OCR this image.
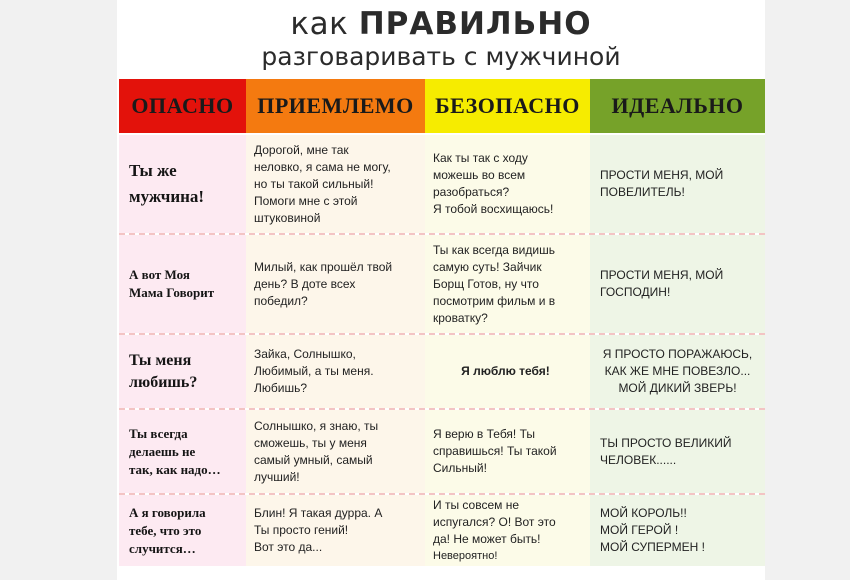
как ПРАВИЛЬНО
разговаривать с мужчиной
ОПАСНО	ПРИЕМЛЕМО БЕЗОПАСНО	ИДЕАЛЬНО
Ты же
мужчина!
Дорогой, мне так
неловко, я сама не могу,
но ты такой сильный!
Помоги мне с этой
штуковиной
Как ты так с ходу
можешь во всем
разобраться?
Я тобой восхищаюсь!
ПРОСТИ МЕНЯ, МОЙ
ПОВЕЛИТЕЛЬ!
А вот Моя
Мама Говорит
Милый, как прошёл твой
день? В доте всех
победил?
Ты как всегда видишь
самую суть! Зайчик
Борщ Готов, ну что
посмотрим фильм и в
кроватку?
ПРОСТИ МЕНЯ, МОЙ
ГОСПОДИН!
Ты меня
любишь?
Зайка, Солнышко,
Любимый, а ты меня.
Любишь?
Я люблю тебя!
Я ПРОСТО ПОРАЖАЮСЬ,
КАК ЖЕ МНЕ ПОВЕЗЛО...
МОЙ ДИКИЙ ЗВЕРЬ!
Ты всегда
делаешь не
так, как надо…
Солнышко, я знаю, ты
сможешь, ты у меня
самый умный, самый
лучший!
Я верю в Тебя! Ты
справишься! Ты такой
Сильный!
ТЫ ПРОСТО ВЕЛИКИЙ
ЧЕЛОВЕК......
А я говорила
тебе, что это
случится…
Блин! Я такая дурра. А
Ты просто гений!
Вот это да...
И ты совсем не
испугался? О! Вот это
да! Не может быть!
Невероятно!
МОЙ КОРОЛЬ!!
МОЙ ГЕРОЙ !
МОЙ СУПЕРМЕН !
